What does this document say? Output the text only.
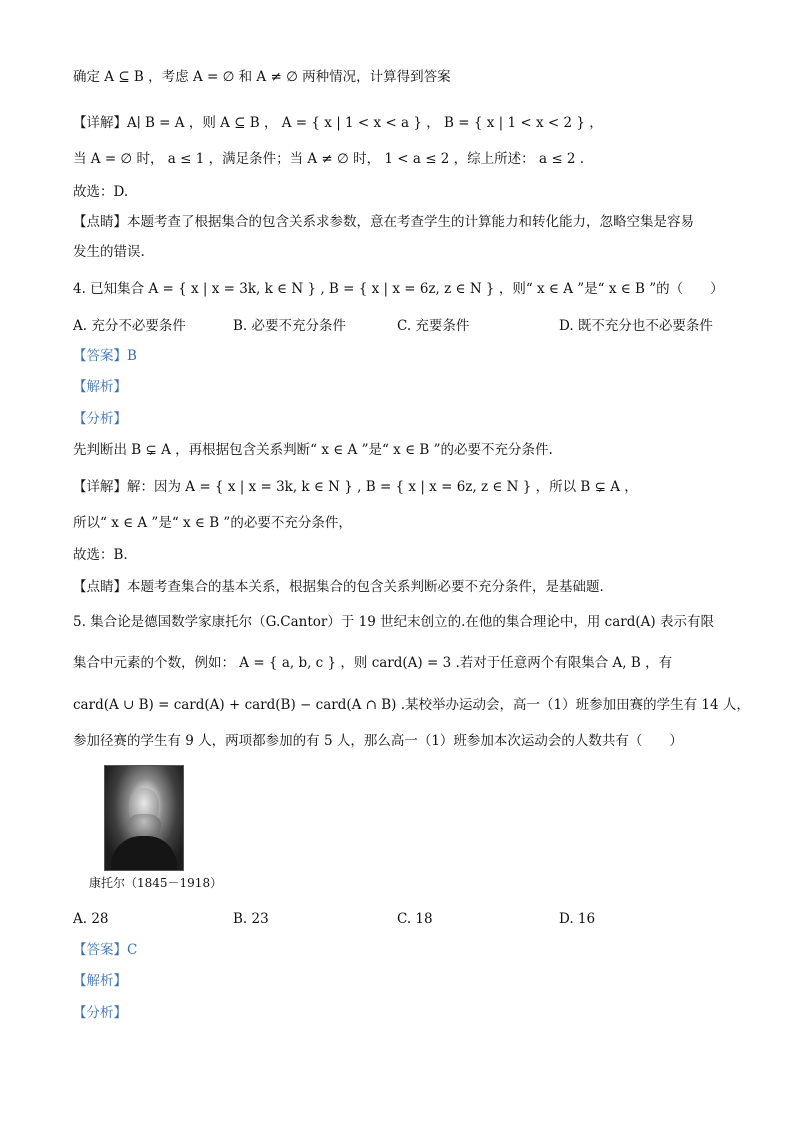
确定 A ⊆ B ，考虑 A = ∅ 和 A ≠ ∅ 两种情况，计算得到答案
【详解】A∣ B = A ，则 A ⊆ B ， A = { x | 1 < x < a } ， B = { x | 1 < x < 2 } ，
当 A = ∅ 时， a ≤ 1 ，满足条件；当 A ≠ ∅ 时， 1 < a ≤ 2 ，综上所述： a ≤ 2 .
故选：D.
【点睛】本题考查了根据集合的包含关系求参数，意在考查学生的计算能力和转化能力，忽略空集是容易
发生的错误.
4. 已知集合 A = { x | x = 3k, k ∈ N } , B = { x | x = 6z, z ∈ N } ，则“ x ∈ A ”是“ x ∈ B ”的（　　）
A. 充分不必要条件	B. 必要不充分条件	C. 充要条件	D. 既不充分也不必要条件
【答案】B
【解析】
【分析】
先判断出 B ⊊ A ，再根据包含关系判断“ x ∈ A ”是“ x ∈ B ”的必要不充分条件.
【详解】解：因为 A = { x | x = 3k, k ∈ N } , B = { x | x = 6z, z ∈ N } ，所以 B ⊊ A ，
所以“ x ∈ A ”是“ x ∈ B ”的必要不充分条件，
故选：B.
【点睛】本题考查集合的基本关系，根据集合的包含关系判断必要不充分条件，是基础题.
5. 集合论是德国数学家康托尔（G.Cantor）于 19 世纪末创立的.在他的集合理论中，用 card(A) 表示有限
集合中元素的个数，例如： A = { a, b, c } ，则 card(A) = 3 .若对于任意两个有限集合 A, B ，有
card(A ∪ B) = card(A) + card(B) − card(A ∩ B) .某校举办运动会，高一（1）班参加田赛的学生有 14 人，
参加径赛的学生有 9 人，两项都参加的有 5 人，那么高一（1）班参加本次运动会的人数共有（　　）
康托尔（1845－1918）
A. 28	B. 23	C. 18	D. 16
【答案】C
【解析】
【分析】
